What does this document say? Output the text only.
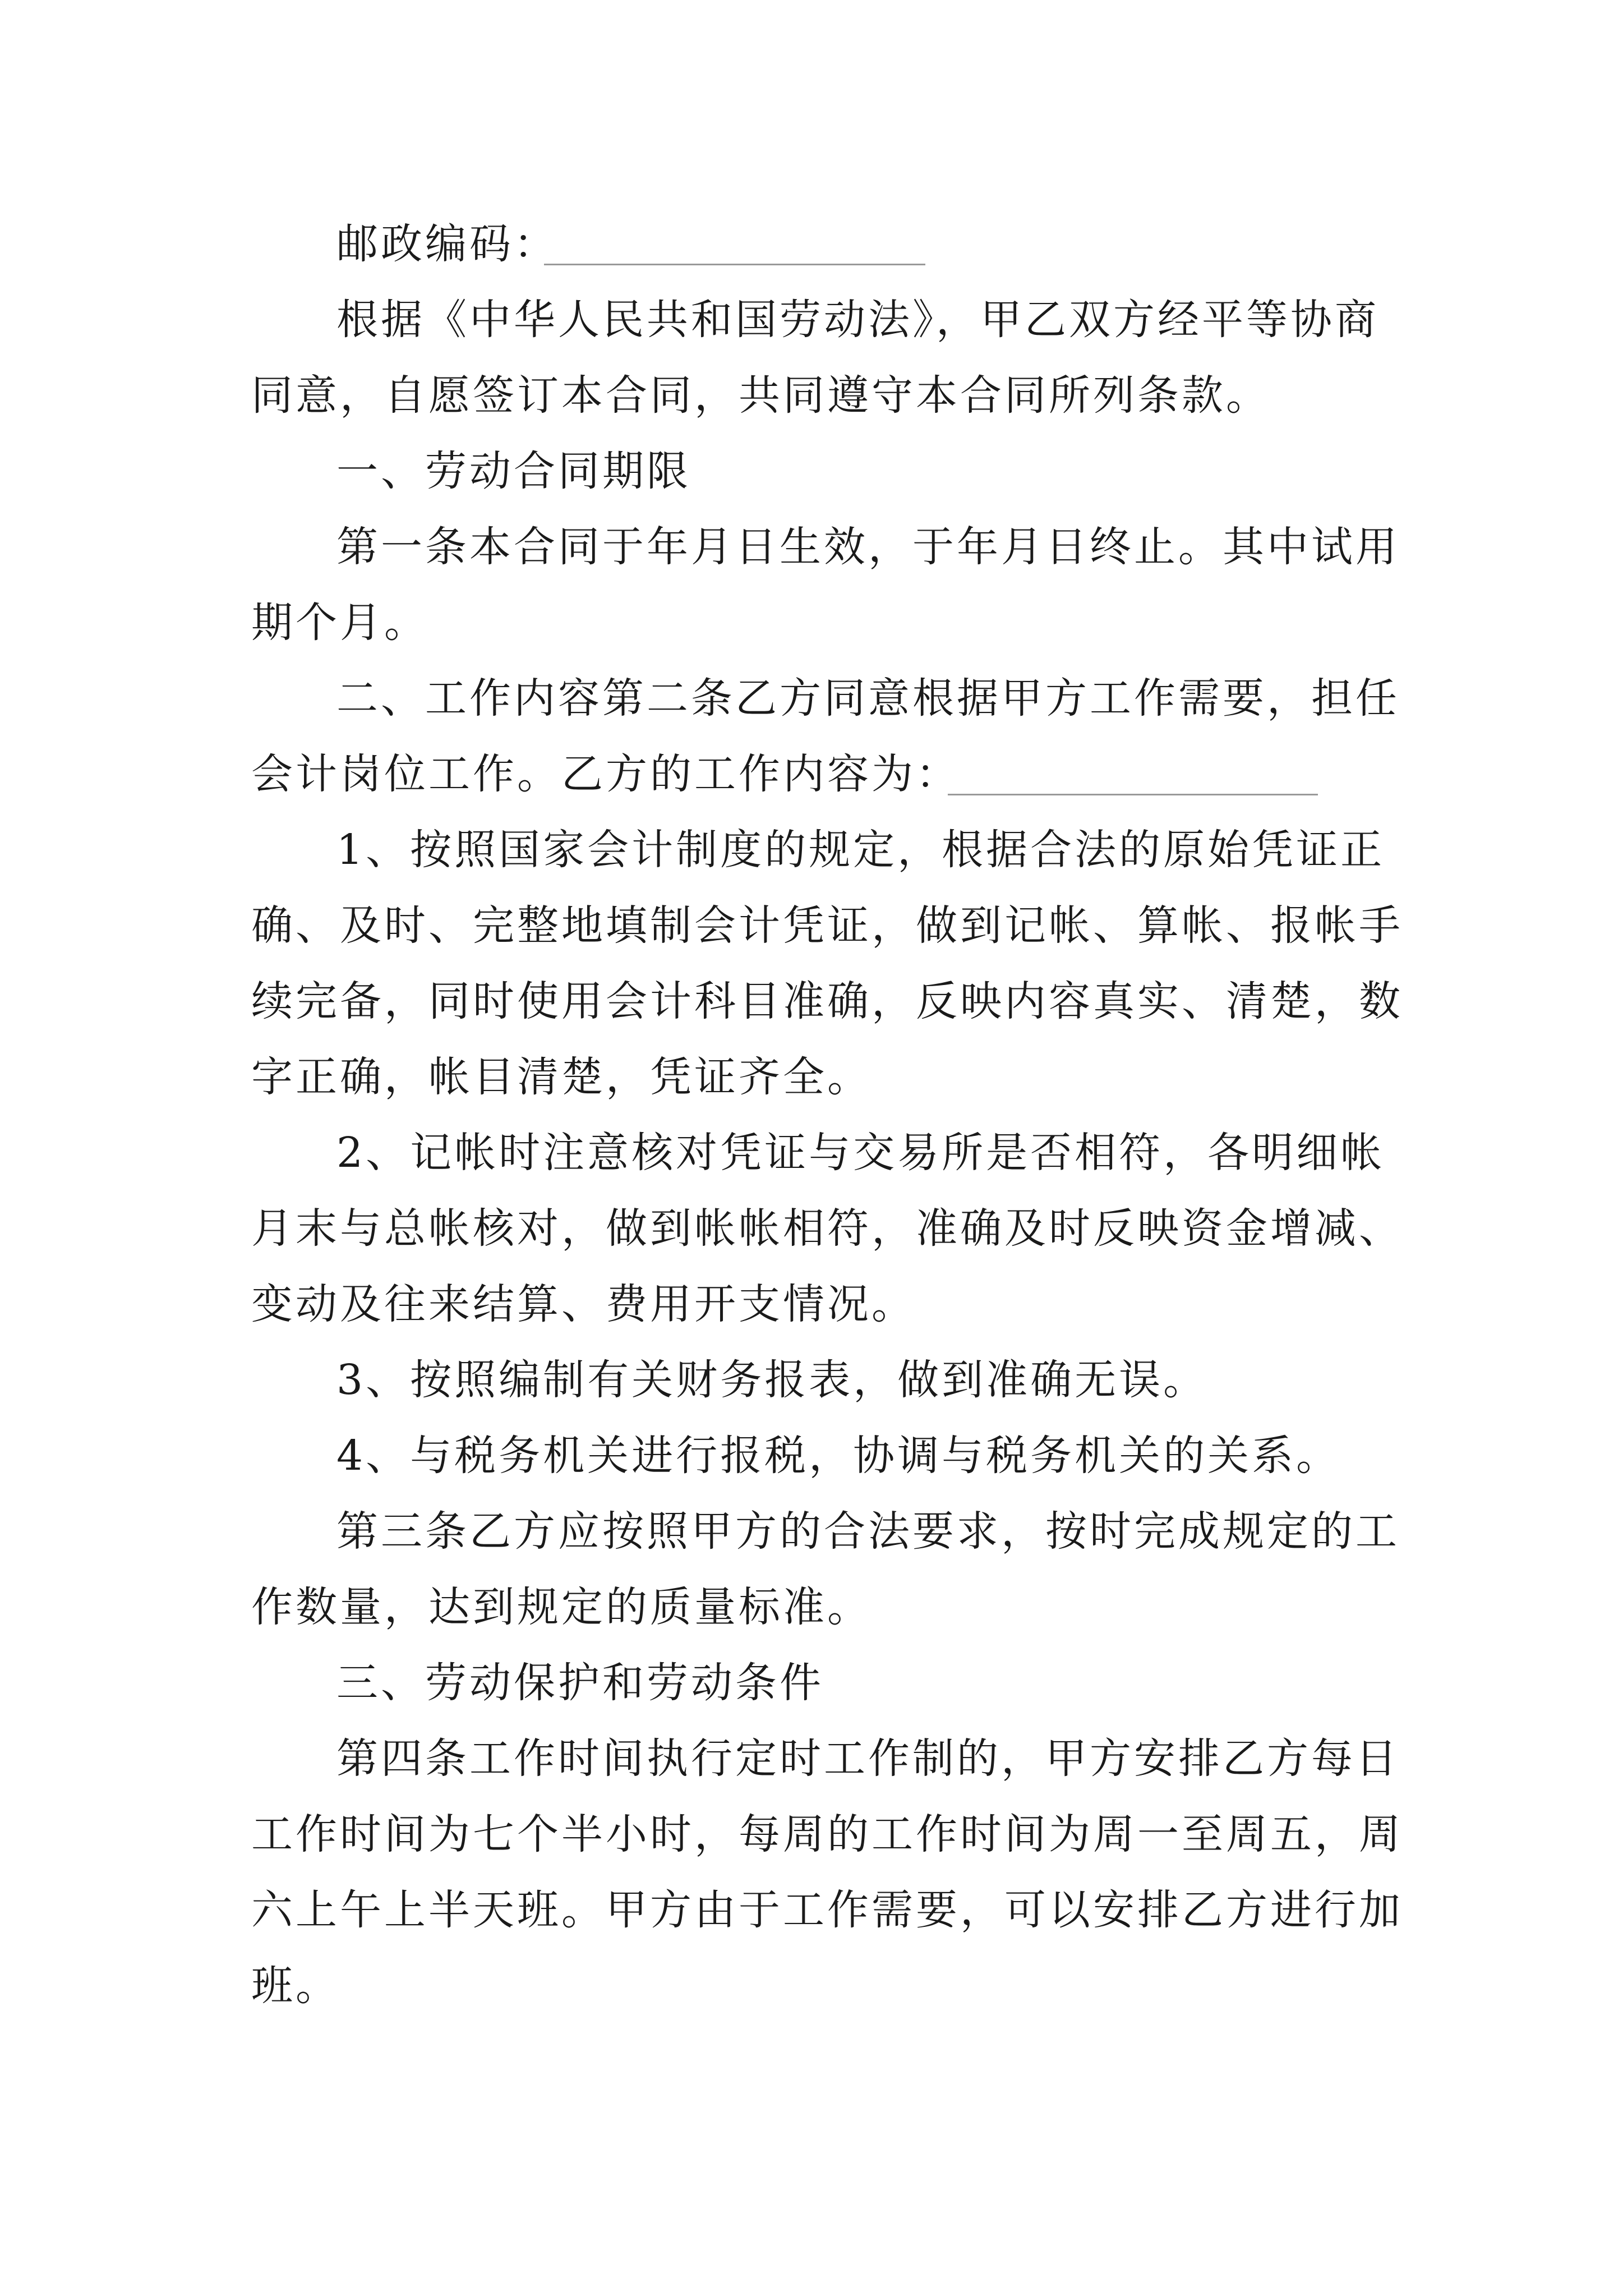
邮政编码：
根据《中华人民共和国劳动法》，甲乙双方经平等协商
同意，自愿签订本合同，共同遵守本合同所列条款。
一、劳动合同期限
第一条本合同于年月日生效，于年月日终止。其中试用
期个月。
二、工作内容第二条乙方同意根据甲方工作需要，担任
会计岗位工作。乙方的工作内容为：
1、按照国家会计制度的规定，根据合法的原始凭证正
确、及时、完整地填制会计凭证，做到记帐、算帐、报帐手
续完备，同时使用会计科目准确，反映内容真实、清楚，数
字正确，帐目清楚，凭证齐全。
2、记帐时注意核对凭证与交易所是否相符，各明细帐
月末与总帐核对，做到帐帐相符，准确及时反映资金增减、
变动及往来结算、费用开支情况。
3、按照编制有关财务报表，做到准确无误。
4、与税务机关进行报税，协调与税务机关的关系。
第三条乙方应按照甲方的合法要求，按时完成规定的工
作数量，达到规定的质量标准。
三、劳动保护和劳动条件
第四条工作时间执行定时工作制的，甲方安排乙方每日
工作时间为七个半小时，每周的工作时间为周一至周五，周
六上午上半天班。甲方由于工作需要，可以安排乙方进行加
班。
